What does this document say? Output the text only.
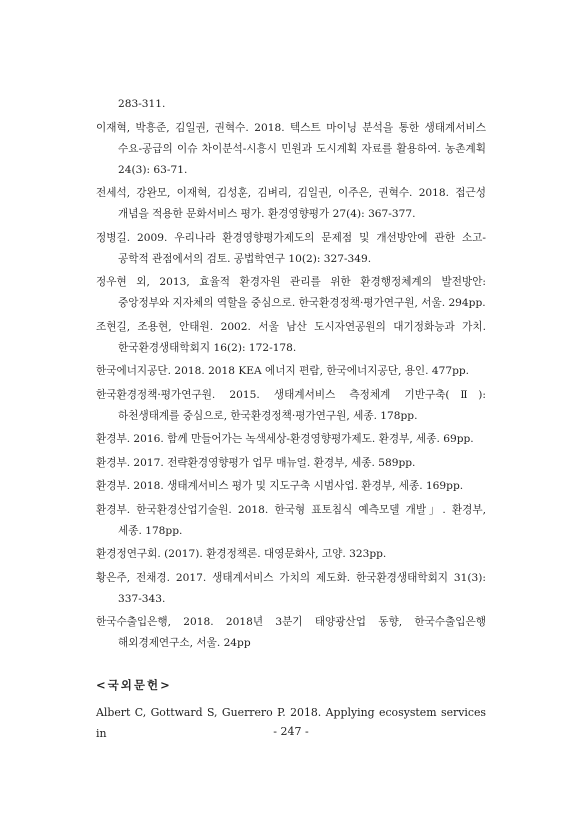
283-311.

이재혁, 박흥준, 김일권, 권혁수. 2018. 텍스트 마이닝 분석을 통한 생태계서비스 수요-공급의 이슈 차이분석-시흥시 민원과 도시계획 자료를 활용하여. 농촌계획 24(3): 63-71.

전세석, 강완모, 이재혁, 김성훈, 김벼리, 김일권, 이주은, 권혁수. 2018. 접근성 개념을 적용한 문화서비스 평가. 환경영향평가 27(4): 367-377.

정병길. 2009. 우리나라 환경영향평가제도의 문제점 및 개선방안에 관한 소고-공학적 관점에서의 검토. 공법학연구 10(2): 327-349.

정우현 외, 2013, 효율적 환경자원 관리를 위한 환경행정체계의 발전방안: 중앙정부와 지자체의 역할을 중심으로. 한국환경정책·평가연구원, 서울. 294pp.

조현길, 조용현, 안태원. 2002. 서울 남산 도시자연공원의 대기정화능과 가치. 한국환경생태학회지 16(2): 172-178.

한국에너지공단. 2018. 2018 KEA 에너지 편람, 한국에너지공단, 용인. 477pp.

한국환경정책·평가연구원. 2015. 생태계서비스 측정체계 기반구축(Ⅱ): 하천생태계를 중심으로, 한국환경정책·평가연구원, 세종. 178pp.

환경부. 2016. 함께 만들어가는 녹색세상-환경영향평가제도. 환경부, 세종. 69pp.

환경부. 2017. 전략환경영향평가 업무 매뉴얼. 환경부, 세종. 589pp.

환경부. 2018. 생태계서비스 평가 및 지도구축 시범사업. 환경부, 세종. 169pp.

환경부. 한국환경산업기술원. 2018. 한국형 표토침식 예측모델 개발」. 환경부, 세종. 178pp.

환경정연구회. (2017). 환경정책론. 대영문화사, 고양. 323pp.

황은주, 전채경. 2017. 생태계서비스 가치의 제도화. 한국환경생태학회지 31(3): 337-343.

한국수출입은행, 2018. 2018년 3분기 태양광산업 동향, 한국수출입은행 해외경제연구소, 서울. 24pp

<국외문헌>

Albert C, Gottward S, Guerrero P. 2018. Applying ecosystem services in	- 247 -
